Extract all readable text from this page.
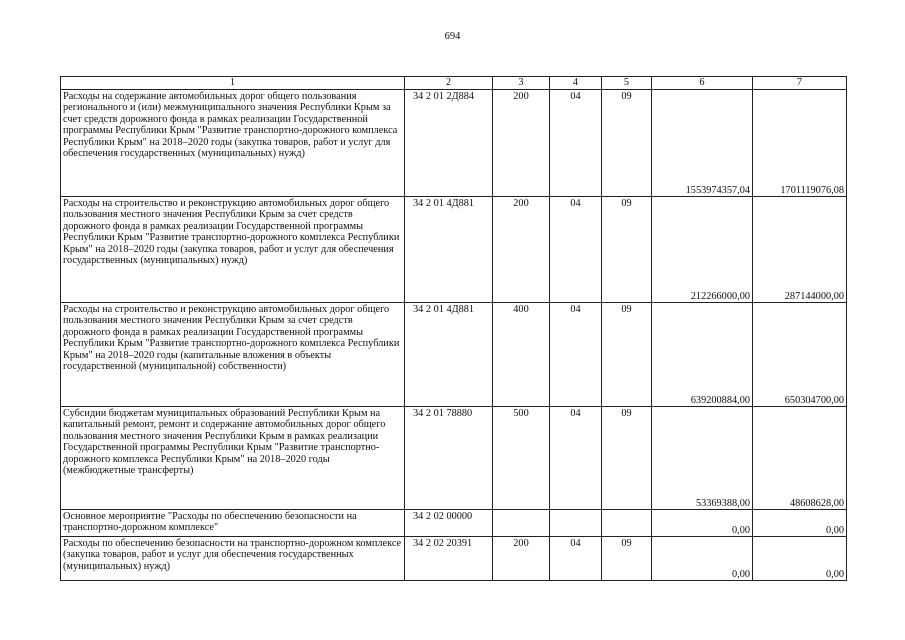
694
1	2	3	4	5	6	7
Расходы на содержание автомобильных дорог общего пользования регионального и (или) межмуниципального значения Республики Крым за счет средств дорожного фонда в рамках реализации Государственной программы Республики Крым "Развитие транспортно-дорожного комплекса Республики Крым" на 2018–2020 годы (закупка товаров, работ и услуг для обеспечения государственных (муниципальных) нужд)	34 2 01 2Д884	200	04	09	1553974357,04	1701119076,08
Расходы на строительство и реконструкцию автомобильных дорог общего пользования местного значения Республики Крым за счет средств дорожного фонда в рамках реализации Государственной программы Республики Крым "Развитие транспортно-дорожного комплекса Республики Крым" на 2018–2020 годы (закупка товаров, работ и услуг для обеспечения государственных (муниципальных) нужд)	34 2 01 4Д881	200	04	09	212266000,00	287144000,00
Расходы на строительство и реконструкцию автомобильных дорог общего пользования местного значения Республики Крым за счет средств дорожного фонда в рамках реализации Государственной программы Республики Крым "Развитие транспортно-дорожного комплекса Республики Крым" на 2018–2020 годы (капитальные вложения в объекты государственной (муниципальной) собственности)	34 2 01 4Д881	400	04	09	639200884,00	650304700,00
Субсидии бюджетам муниципальных образований Республики Крым на капитальный ремонт, ремонт и содержание автомобильных дорог общего пользования местного значения Республики Крым в рамках реализации Государственной программы Республики Крым "Развитие транспортно-дорожного комплекса Республики Крым" на 2018–2020 годы (межбюджетные трансферты)	34 2 01 78880	500	04	09	53369388,00	48608628,00
Основное мероприятие "Расходы по обеспечению безопасности на транспортно-дорожном комплексе"	34 2 02 00000				0,00	0,00
Расходы по обеспечению безопасности на транспортно-дорожном комплексе (закупка товаров, работ и услуг для обеспечения государственных (муниципальных) нужд)	34 2 02 20391	200	04	09	0,00	0,00
